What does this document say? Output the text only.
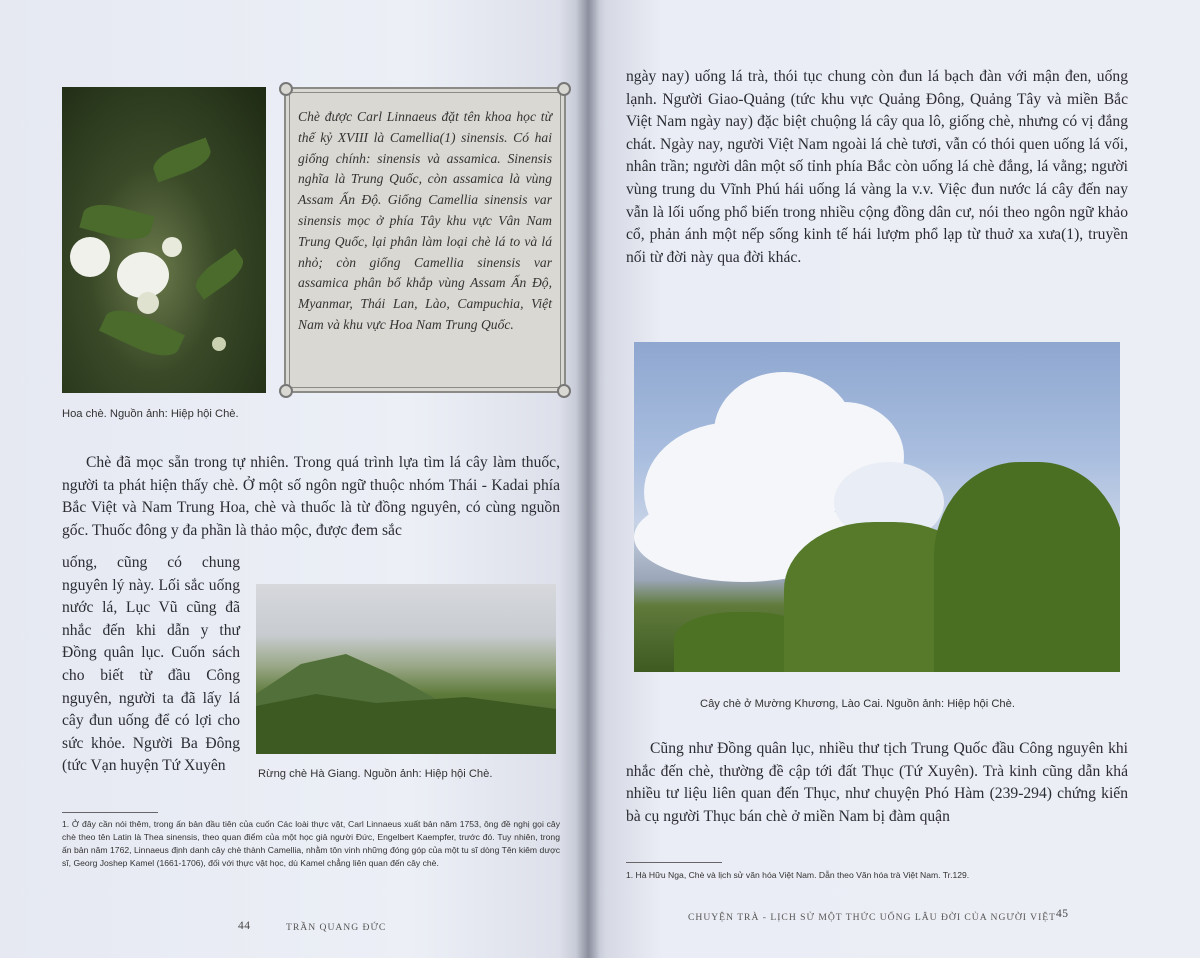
Chè được Carl Linnaeus đặt tên khoa học từ thế kỷ XVIII là Camellia(1) sinensis. Có hai giống chính: sinensis và assamica. Sinensis nghĩa là Trung Quốc, còn assamica là vùng Assam Ấn Độ. Giống Camellia sinensis var sinensis mọc ở phía Tây khu vực Vân Nam Trung Quốc, lại phân làm loại chè lá to và lá nhỏ; còn giống Camellia sinensis var assamica phân bố khắp vùng Assam Ấn Độ, Myanmar, Thái Lan, Lào, Campuchia, Việt Nam và khu vực Hoa Nam Trung Quốc.
Hoa chè. Nguồn ảnh: Hiệp hội Chè.

Chè đã mọc sẵn trong tự nhiên. Trong quá trình lựa tìm lá cây làm thuốc, người ta phát hiện thấy chè. Ở một số ngôn ngữ thuộc nhóm Thái - Kadai phía Bắc Việt và Nam Trung Hoa, chè và thuốc là từ đồng nguyên, có cùng nguồn gốc. Thuốc đông y đa phần là thảo mộc, được đem sắc

uống, cũng có chung nguyên lý này. Lối sắc uống nước lá, Lục Vũ cũng đã nhắc đến khi dẫn y thư Đồng quân lục. Cuốn sách cho biết từ đầu Công nguyên, người ta đã lấy lá cây đun uống để có lợi cho sức khỏe. Người Ba Đông (tức Vạn huyện Tứ Xuyên	Rừng chè Hà Giang. Nguồn ảnh: Hiệp hội Chè.
1. Ở đây cần nói thêm, trong ấn bản đầu tiên của cuốn Các loài thực vật, Carl Linnaeus xuất bản năm 1753, ông đề nghị gọi cây chè theo tên Latin là Thea sinensis, theo quan điểm của một học giả người Đức, Engelbert Kaempfer, trước đó. Tuy nhiên, trong ấn bản năm 1762, Linnaeus định danh cây chè thành Camellia, nhằm tôn vinh những đóng góp của một tu sĩ dòng Tên kiêm dược sĩ, Georg Joshep Kamel (1661-1706), đối với thực vật học, dù Kamel chẳng liên quan đến cây chè.
44	TRẦN QUANG ĐỨC

ngày nay) uống lá trà, thói tục chung còn đun lá bạch đàn với mận đen, uống lạnh. Người Giao-Quảng (tức khu vực Quảng Đông, Quảng Tây và miền Bắc Việt Nam ngày nay) đặc biệt chuộng lá cây qua lô, giống chè, nhưng có vị đắng chát. Ngày nay, người Việt Nam ngoài lá chè tươi, vẫn có thói quen uống lá vối, nhân trần; người dân một số tỉnh phía Bắc còn uống lá chè đắng, lá vằng; người vùng trung du Vĩnh Phú hái uống lá vàng la v.v. Việc đun nước lá cây đến nay vẫn là lối uống phổ biến trong nhiều cộng đồng dân cư, nói theo ngôn ngữ khảo cổ, phản ánh một nếp sống kinh tế hái lượm phổ lạp từ thuở xa xưa(1), truyền nối từ đời này qua đời khác.

Cây chè ở Mường Khương, Lào Cai. Nguồn ảnh: Hiệp hội Chè.

Cũng như Đồng quân lục, nhiều thư tịch Trung Quốc đầu Công nguyên khi nhắc đến chè, thường đề cập tới đất Thục (Tứ Xuyên). Trà kinh cũng dẫn khá nhiều tư liệu liên quan đến Thục, như chuyện Phó Hàm (239-294) chứng kiến bà cụ người Thục bán chè ở miền Nam bị đàm quận

1. Hà Hữu Nga, Chè và lịch sử văn hóa Việt Nam. Dẫn theo Văn hóa trà Việt Nam. Tr.129.
CHUYỆN TRÀ - LỊCH SỬ MỘT THỨC UỐNG LÂU ĐỜI CỦA NGƯỜI VIỆT 45
